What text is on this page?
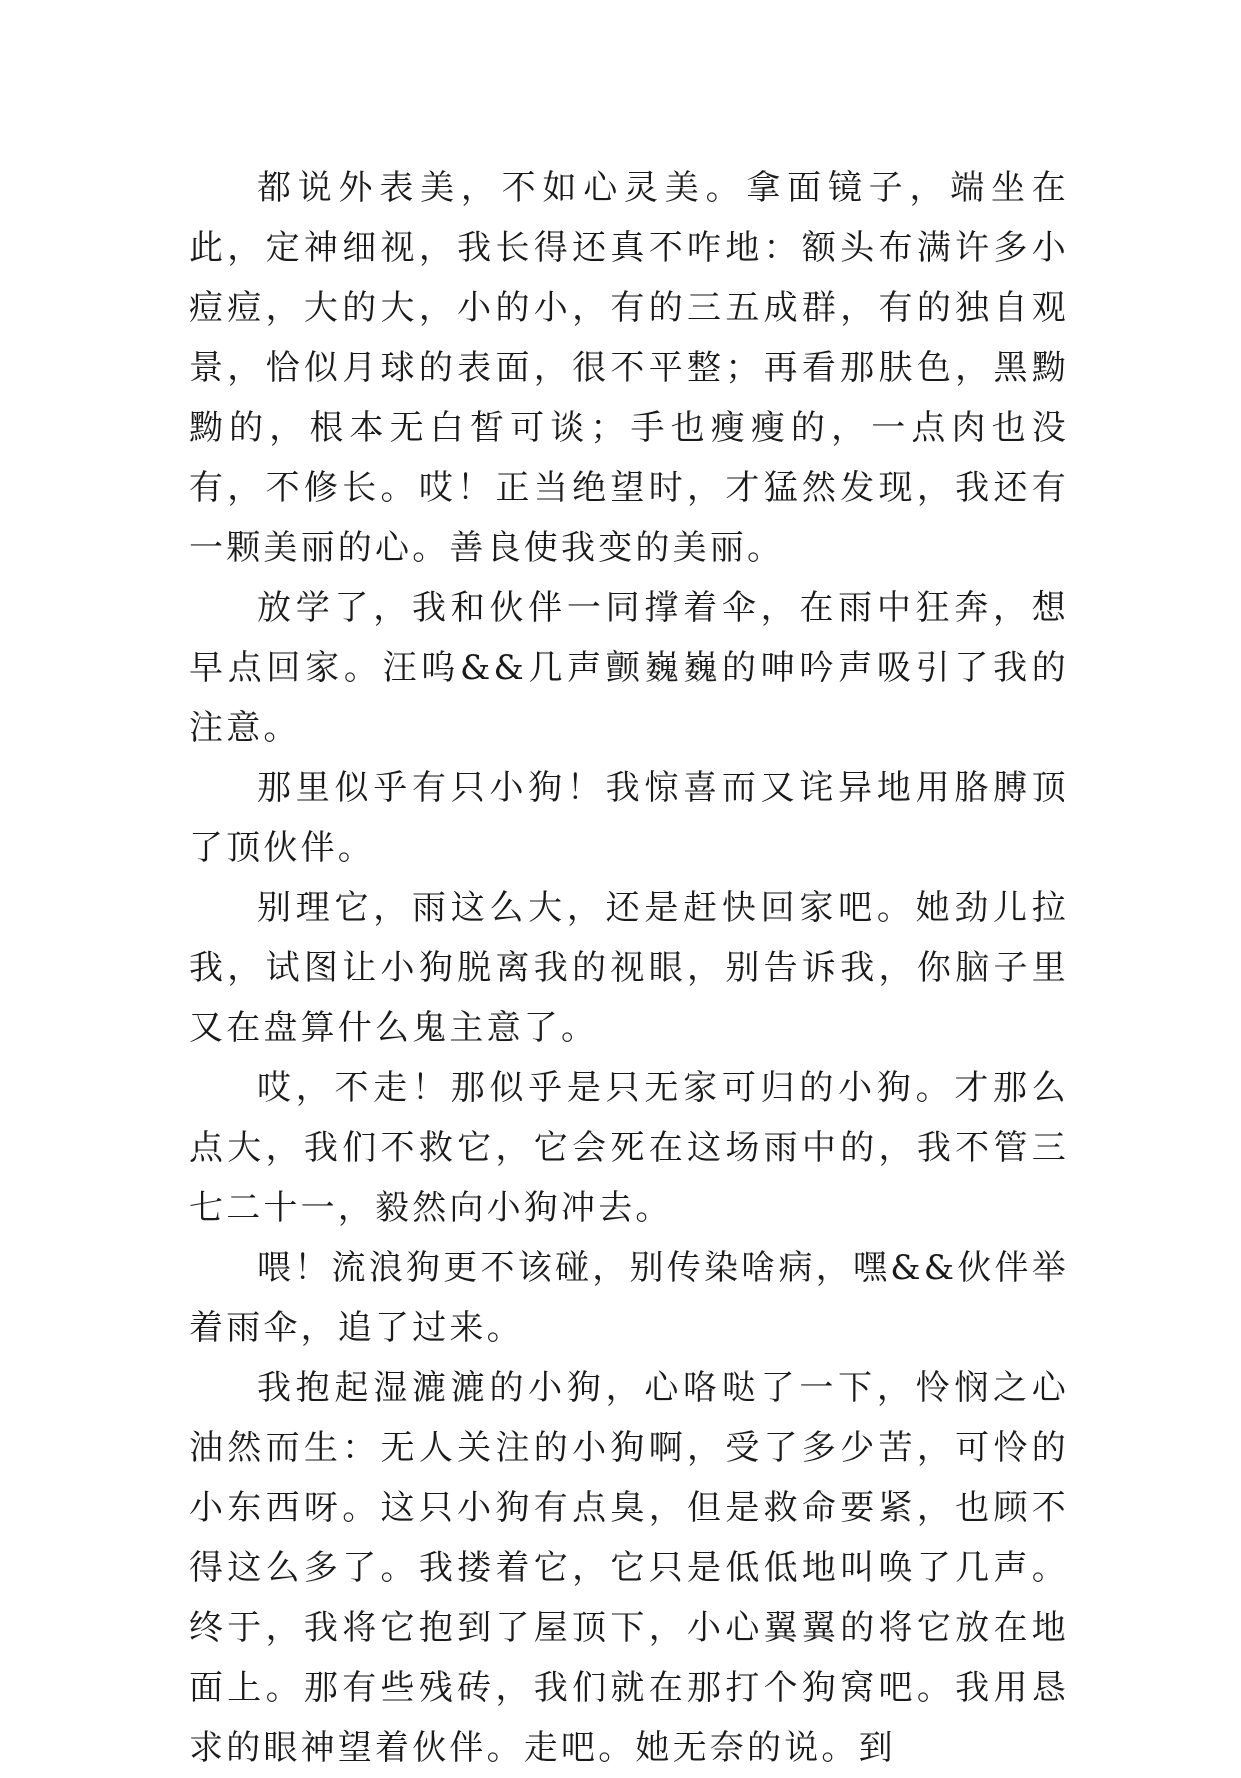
都说外表美，不如心灵美。拿面镜子，端坐在此，定神细视，我长得还真不咋地：额头布满许多小痘痘，大的大，小的小，有的三五成群，有的独自观景，恰似月球的表面，很不平整；再看那肤色，黑黝黝的，根本无白皙可谈；手也瘦瘦的，一点肉也没有，不修长。哎！正当绝望时，才猛然发现，我还有一颗美丽的心。善良使我变的美丽。

放学了，我和伙伴一同撑着伞，在雨中狂奔，想早点回家。汪呜&&几声颤巍巍的呻吟声吸引了我的注意。

那里似乎有只小狗！我惊喜而又诧异地用胳膊顶了顶伙伴。

别理它，雨这么大，还是赶快回家吧。她劲儿拉我，试图让小狗脱离我的视眼，别告诉我，你脑子里又在盘算什么鬼主意了。

哎，不走！那似乎是只无家可归的小狗。才那么点大，我们不救它，它会死在这场雨中的，我不管三七二十一，毅然向小狗冲去。

喂！流浪狗更不该碰，别传染啥病，嘿&&伙伴举着雨伞，追了过来。

我抱起湿漉漉的小狗，心咯哒了一下，怜悯之心油然而生：无人关注的小狗啊，受了多少苦，可怜的小东西呀。这只小狗有点臭，但是救命要紧，也顾不得这么多了。我搂着它，它只是低低地叫唤了几声。终于，我将它抱到了屋顶下，小心翼翼的将它放在地面上。那有些残砖，我们就在那打个狗窝吧。我用恳求的眼神望着伙伴。走吧。她无奈的说。到
